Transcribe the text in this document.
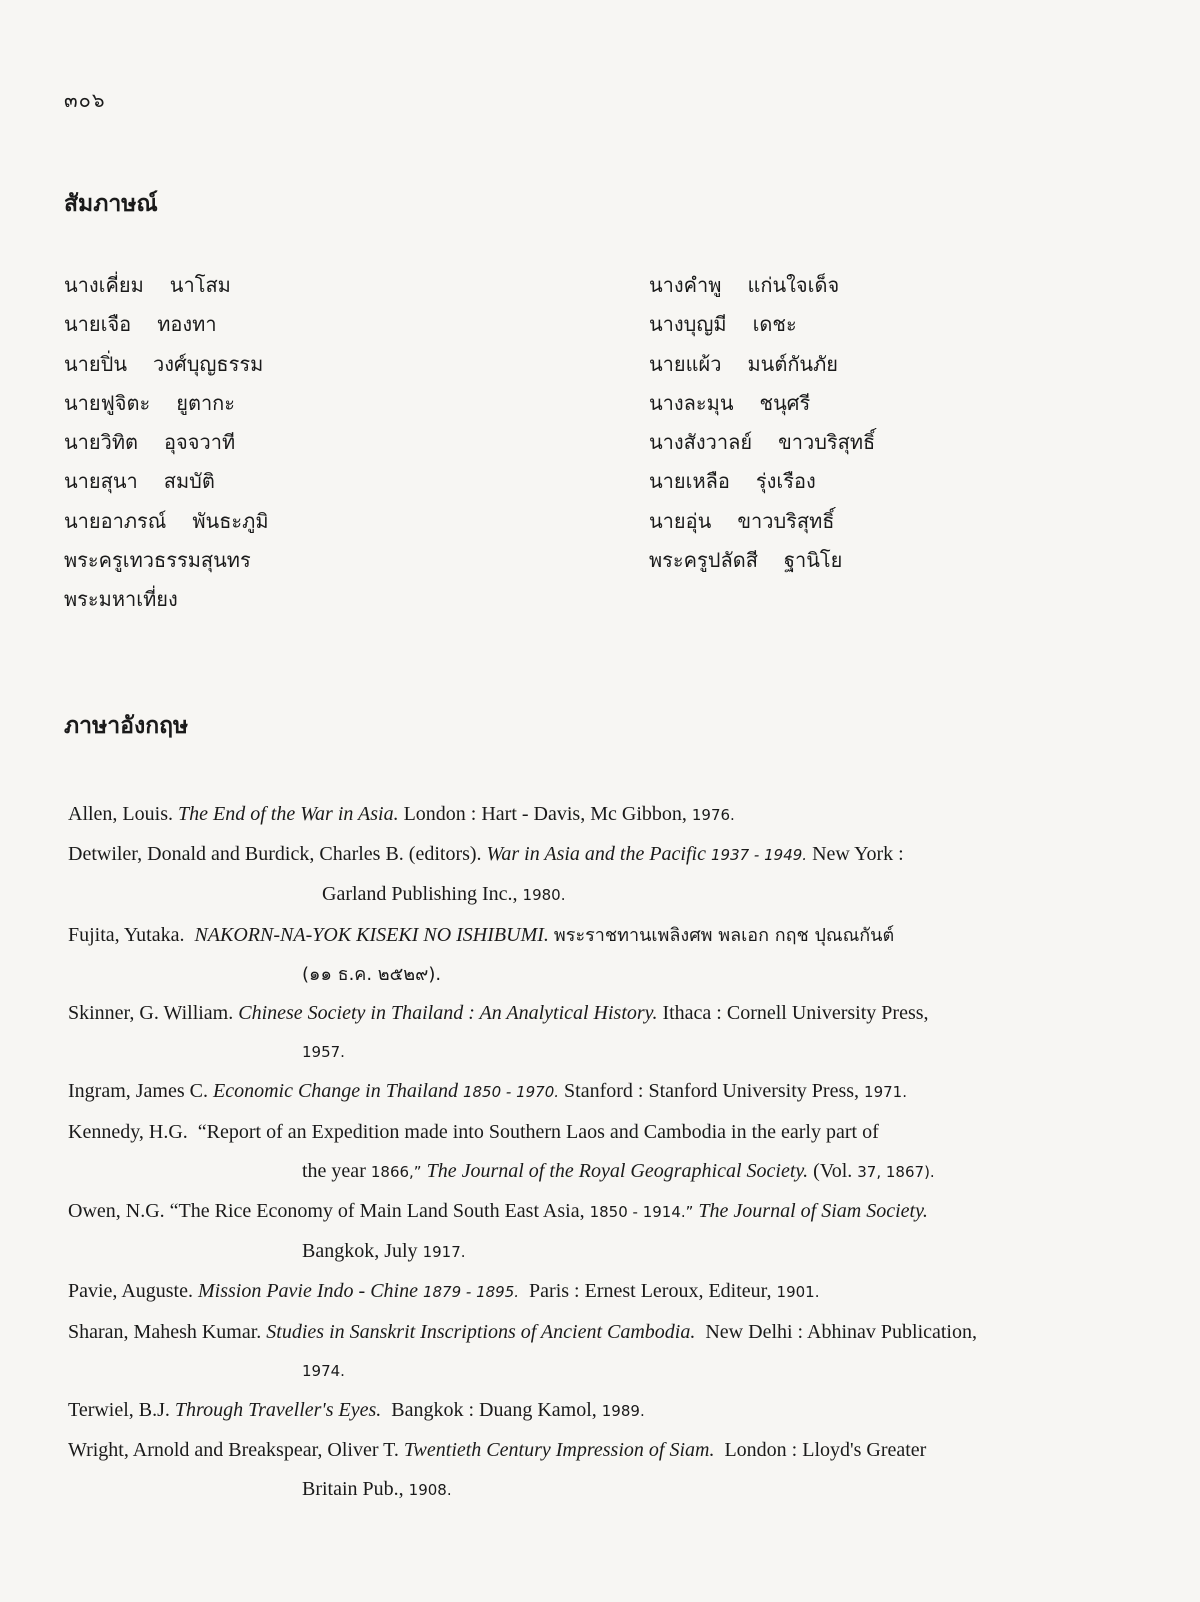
๓๐๖
สัมภาษณ์
นางเคี่ยม นาโสม
นายเจือ ทองทา
นายปิ่น วงศ์บุญธรรม
นายฟูจิตะ ยูตากะ
นายวิทิต อุจจวาที
นายสุนา สมบัติ
นายอาภรณ์ พันธะภูมิ
พระครูเทวธรรมสุนทร
พระมหาเที่ยง
นางคำพู แก่นใจเด็จ
นางบุญมี เดชะ
นายแผ้ว มนต์กันภัย
นางละมุน ชนุศรี
นางสังวาลย์ ขาวบริสุทธิ์
นายเหลือ รุ่งเรือง
นายอุ่น ขาวบริสุทธิ์
พระครูปลัดสี ฐานิโย
ภาษาอังกฤษ
Allen, Louis. The End of the War in Asia. London : Hart - Davis, Mc Gibbon, 1976.
Detwiler, Donald and Burdick, Charles B. (editors). War in Asia and the Pacific 1937 - 1949. New York :
Garland Publishing Inc., 1980.
Fujita, Yutaka. NAKORN-NA-YOK KISEKI NO ISHIBUMI. พระราชทานเพลิงศพ พลเอก กฤช ปุณณกันต์
(๑๑ ธ.ค. ๒๕๒๙).
Skinner, G. William. Chinese Society in Thailand : An Analytical History. Ithaca : Cornell University Press,
1957.
Ingram, James C. Economic Change in Thailand 1850 - 1970. Stanford : Stanford University Press, 1971.
Kennedy, H.G. “Report of an Expedition made into Southern Laos and Cambodia in the early part of
the year 1866,” The Journal of the Royal Geographical Society. (Vol. 37, 1867).
Owen, N.G. “The Rice Economy of Main Land South East Asia, 1850 - 1914.” The Journal of Siam Society.
Bangkok, July 1917.
Pavie, Auguste. Mission Pavie Indo - Chine 1879 - 1895. Paris : Ernest Leroux, Editeur, 1901.
Sharan, Mahesh Kumar. Studies in Sanskrit Inscriptions of Ancient Cambodia. New Delhi : Abhinav Publication,
1974.
Terwiel, B.J. Through Traveller's Eyes. Bangkok : Duang Kamol, 1989.
Wright, Arnold and Breakspear, Oliver T. Twentieth Century Impression of Siam. London : Lloyd's Greater
Britain Pub., 1908.
